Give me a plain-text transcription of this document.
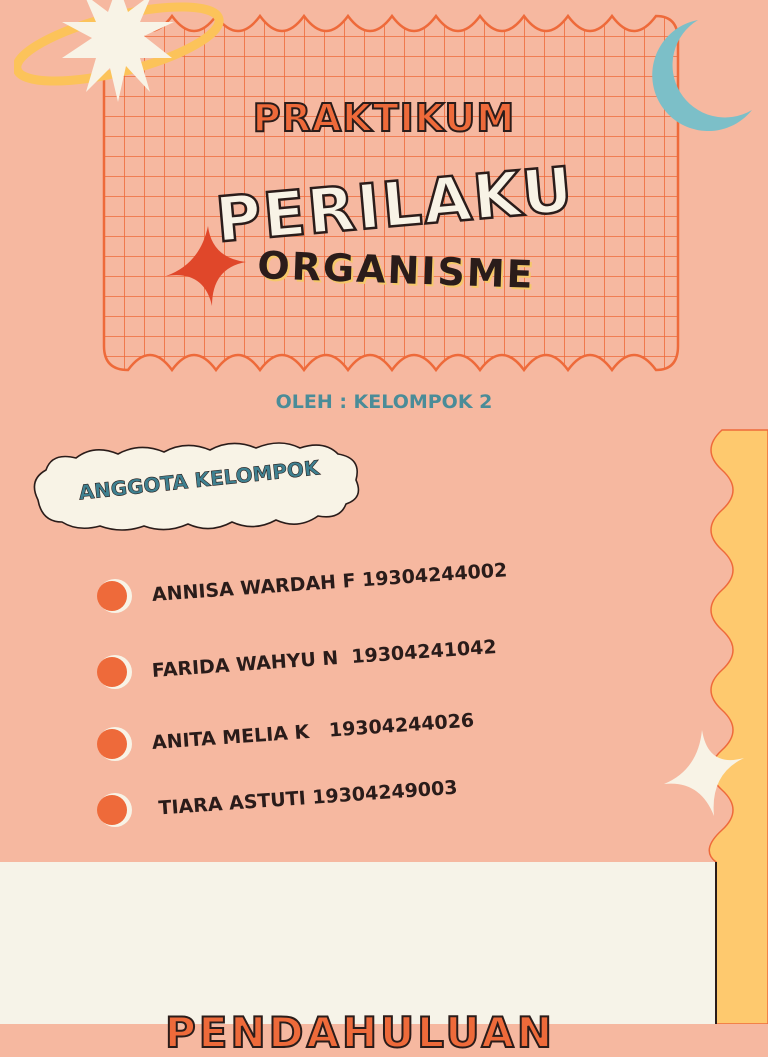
PRAKTIKUM
PERILAKU
ORGANISME
OLEH : KELOMPOK 2
ANGGOTA KELOMPOK
ANNISA WARDAH F 19304244002
FARIDA WAHYU N  19304241042
ANITA MELIA K   19304244026
TIARA ASTUTI 19304249003
PENDAHULUAN
